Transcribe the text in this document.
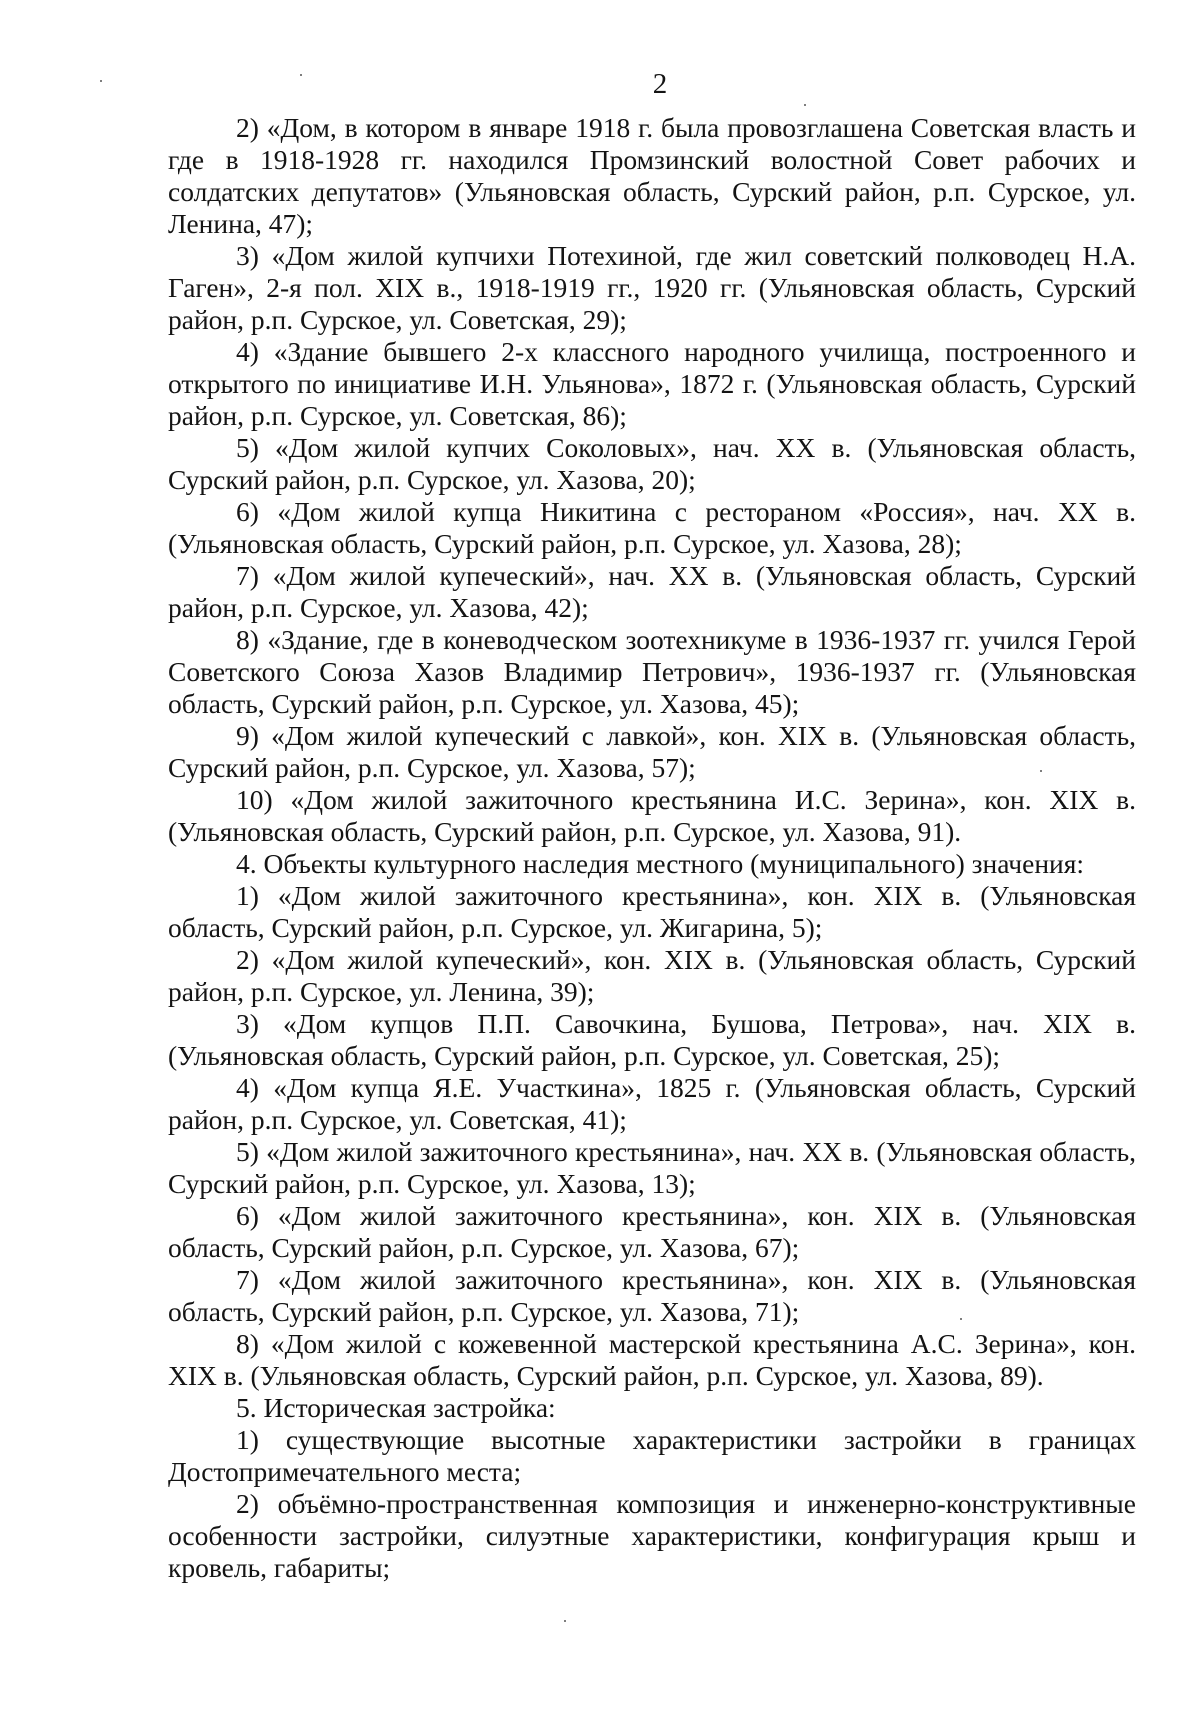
2

2) «Дом, в котором в январе 1918 г. была провозглашена Советская власть и где в 1918-1928 гг. находился Промзинский волостной Совет рабочих и солдатских депутатов» (Ульяновская область, Сурский район, р.п. Сурское, ул. Ленина, 47);

3) «Дом жилой купчихи Потехиной, где жил советский полководец Н.А. Гаген», 2-я пол. XIX в., 1918-1919 гг., 1920 гг. (Ульяновская область, Сурский район, р.п. Сурское, ул. Советская, 29);

4) «Здание бывшего 2-х классного народного училища, построенного и открытого по инициативе И.Н. Ульянова», 1872 г. (Ульяновская область, Сурский район, р.п. Сурское, ул. Советская, 86);

5) «Дом жилой купчих Соколовых», нач. XX в. (Ульяновская область, Сурский район, р.п. Сурское, ул. Хазова, 20);

6) «Дом жилой купца Никитина с рестораном «Россия», нач. XX в. (Ульяновская область, Сурский район, р.п. Сурское, ул. Хазова, 28);

7) «Дом жилой купеческий», нач. XX в. (Ульяновская область, Сурский район, р.п. Сурское, ул. Хазова, 42);

8) «Здание, где в коневодческом зоотехникуме в 1936-1937 гг. учился Герой Советского Союза Хазов Владимир Петрович», 1936-1937 гг. (Ульяновская область, Сурский район, р.п. Сурское, ул. Хазова, 45);

9) «Дом жилой купеческий с лавкой», кон. XIX в. (Ульяновская область, Сурский район, р.п. Сурское, ул. Хазова, 57);

10) «Дом жилой зажиточного крестьянина И.С. Зерина», кон. XIX в. (Ульяновская область, Сурский район, р.п. Сурское, ул. Хазова, 91).

4. Объекты культурного наследия местного (муниципального) значения:

1) «Дом жилой зажиточного крестьянина», кон. XIX в. (Ульяновская область, Сурский район, р.п. Сурское, ул. Жигарина, 5);

2) «Дом жилой купеческий», кон. XIX в. (Ульяновская область, Сурский район, р.п. Сурское, ул. Ленина, 39);

3) «Дом купцов П.П. Савочкина, Бушова, Петрова», нач. XIX в. (Ульяновская область, Сурский район, р.п. Сурское, ул. Советская, 25);

4) «Дом купца Я.Е. Участкина», 1825 г. (Ульяновская область, Сурский район, р.п. Сурское, ул. Советская, 41);

5) «Дом жилой зажиточного крестьянина», нач. XX в. (Ульяновская область, Сурский район, р.п. Сурское, ул. Хазова, 13);

6) «Дом жилой зажиточного крестьянина», кон. XIX в. (Ульяновская область, Сурский район, р.п. Сурское, ул. Хазова, 67);

7) «Дом жилой зажиточного крестьянина», кон. XIX в. (Ульяновская область, Сурский район, р.п. Сурское, ул. Хазова, 71);

8) «Дом жилой с кожевенной мастерской крестьянина А.С. Зерина», кон. XIX в. (Ульяновская область, Сурский район, р.п. Сурское, ул. Хазова, 89).

5. Историческая застройка:

1) существующие высотные характеристики застройки в границах Достопримечательного места;

2) объёмно-пространственная композиция и инженерно-конструктивные особенности застройки, силуэтные характеристики, конфигурация крыш и кровель, габариты;
